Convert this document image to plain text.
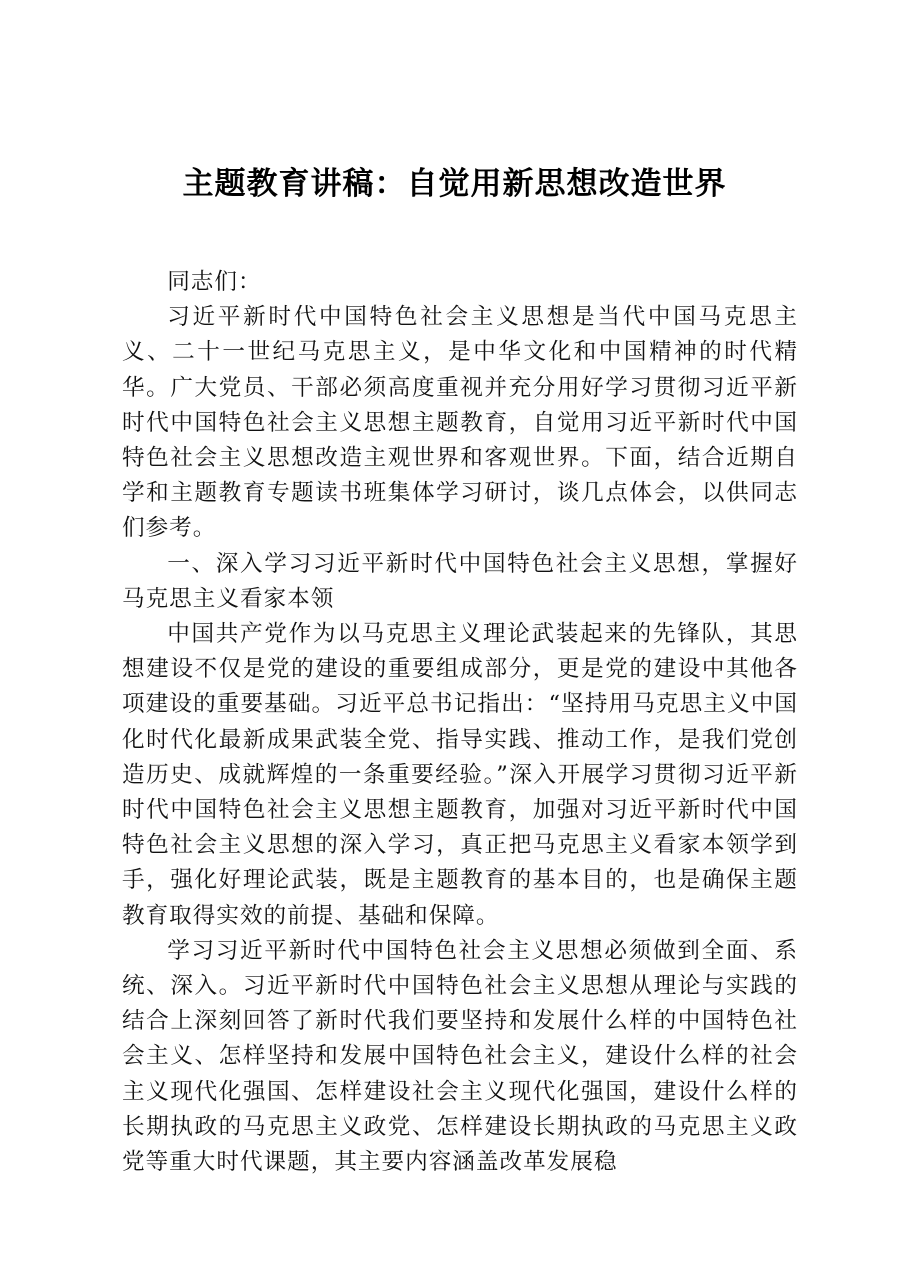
主题教育讲稿：自觉用新思想改造世界

同志们：

习近平新时代中国特色社会主义思想是当代中国马克思主义、二十一世纪马克思主义，是中华文化和中国精神的时代精华。广大党员、干部必须高度重视并充分用好学习贯彻习近平新时代中国特色社会主义思想主题教育，自觉用习近平新时代中国特色社会主义思想改造主观世界和客观世界。下面，结合近期自学和主题教育专题读书班集体学习研讨，谈几点体会，以供同志们参考。

一、深入学习习近平新时代中国特色社会主义思想，掌握好马克思主义看家本领

中国共产党作为以马克思主义理论武装起来的先锋队，其思想建设不仅是党的建设的重要组成部分，更是党的建设中其他各项建设的重要基础。习近平总书记指出：“坚持用马克思主义中国化时代化最新成果武装全党、指导实践、推动工作，是我们党创造历史、成就辉煌的一条重要经验。”深入开展学习贯彻习近平新时代中国特色社会主义思想主题教育，加强对习近平新时代中国特色社会主义思想的深入学习，真正把马克思主义看家本领学到手，强化好理论武装，既是主题教育的基本目的，也是确保主题教育取得实效的前提、基础和保障。

学习习近平新时代中国特色社会主义思想必须做到全面、系统、深入。习近平新时代中国特色社会主义思想从理论与实践的结合上深刻回答了新时代我们要坚持和发展什么样的中国特色社会主义、怎样坚持和发展中国特色社会主义，建设什么样的社会主义现代化强国、怎样建设社会主义现代化强国，建设什么样的长期执政的马克思主义政党、怎样建设长期执政的马克思主义政党等重大时代课题，其主要内容涵盖改革发展稳
